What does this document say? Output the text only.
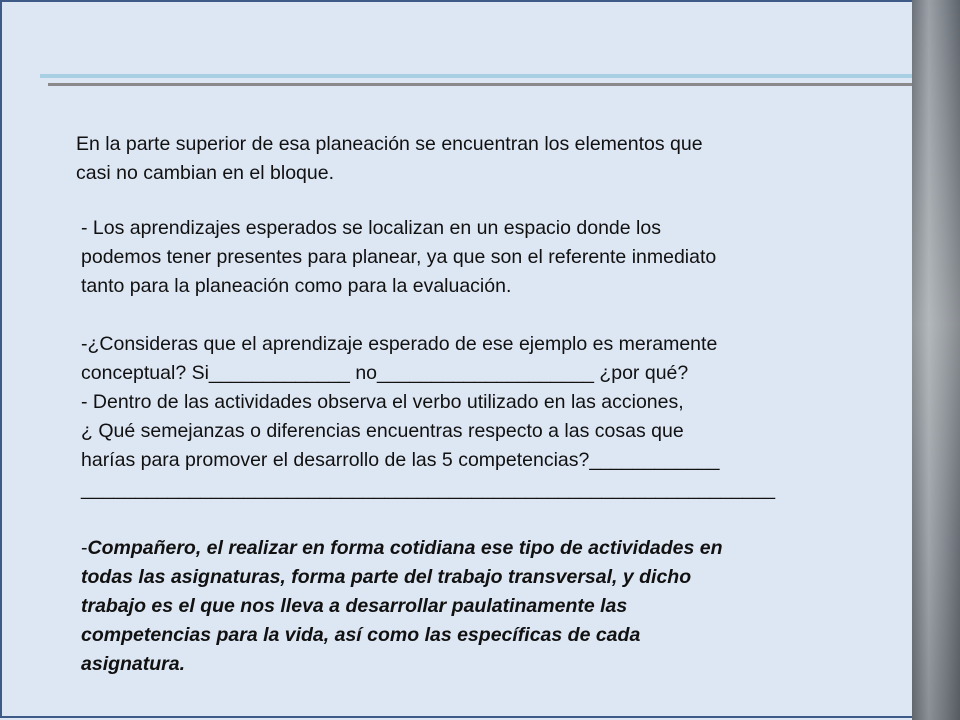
En la parte superior de esa planeación se encuentran los elementos que
casi no cambian en el bloque.

- Los aprendizajes esperados se localizan en un espacio donde los
podemos tener presentes para planear, ya que son el referente inmediato
tanto para la planeación como para la evaluación.

-¿Consideras que el aprendizaje esperado de ese ejemplo es meramente
conceptual? Si_____________ no____________________ ¿por qué?
- Dentro de las actividades observa el verbo utilizado en las acciones,
¿ Qué semejanzas o diferencias encuentras respecto a las cosas que
harías para promover el desarrollo de las 5 competencias?____________
________________________________________________________________

-Compañero, el realizar en forma cotidiana ese tipo de actividades en
todas las asignaturas, forma parte del trabajo transversal, y dicho
trabajo es el que nos lleva a desarrollar paulatinamente las
competencias para la vida, así como las específicas de cada
asignatura.
